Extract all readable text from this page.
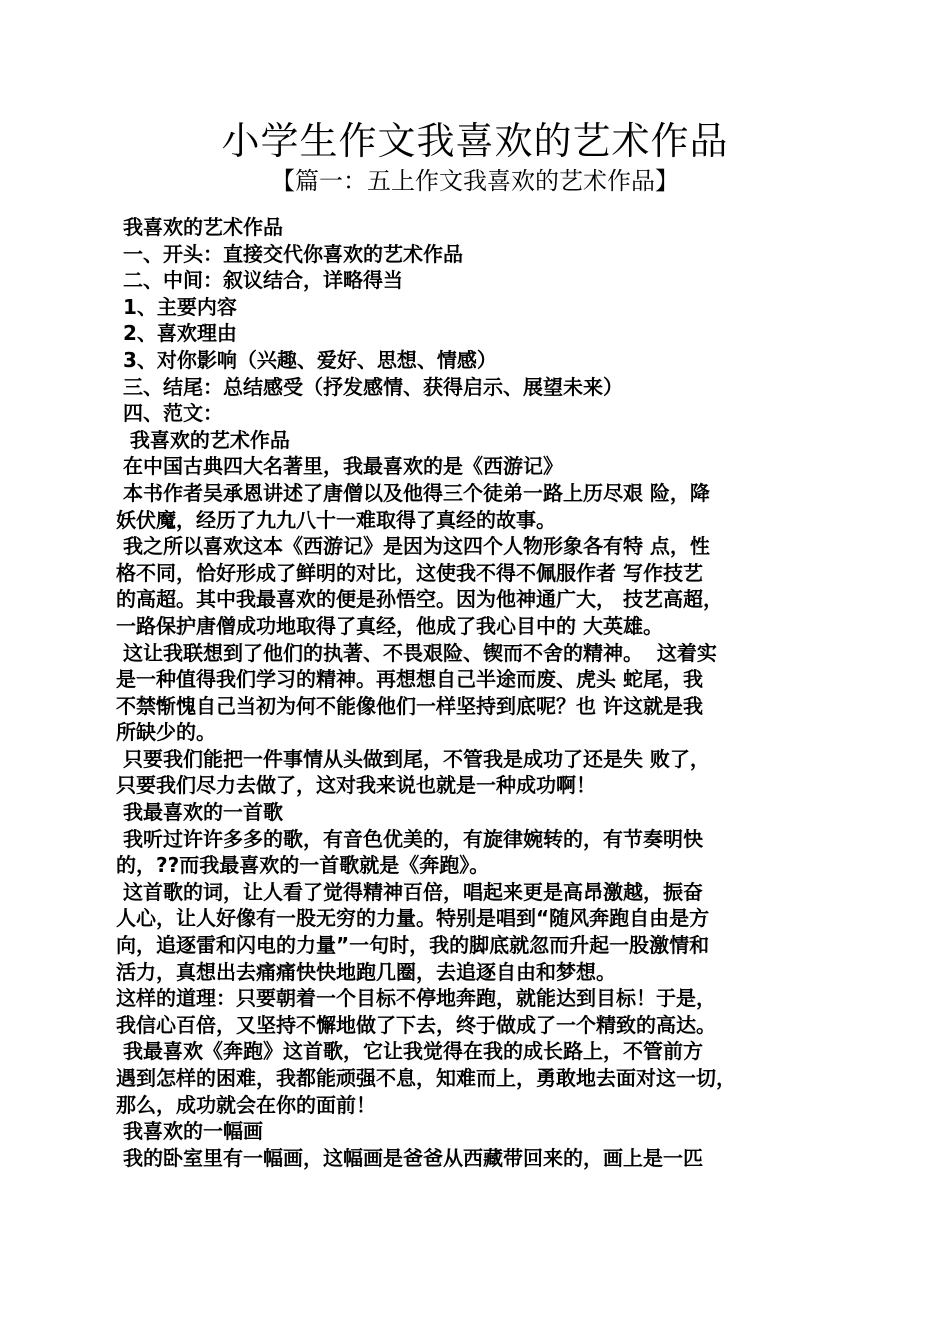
小学生作文我喜欢的艺术作品
【篇一：五上作文我喜欢的艺术作品】
我喜欢的艺术作品
一、开头：直接交代你喜欢的艺术作品
二、中间：叙议结合，详略得当
1、主要内容
2、喜欢理由
3、对你影响（兴趣、爱好、思想、情感）
三、结尾：总结感受（抒发感情、获得启示、展望未来）
四、范文：
我喜欢的艺术作品
在中国古典四大名著里，我最喜欢的是《西游记》
本书作者吴承恩讲述了唐僧以及他得三个徒弟一路上历尽艰 险，降
妖伏魔，经历了九九八十一难取得了真经的故事。
我之所以喜欢这本《西游记》是因为这四个人物形象各有特 点，性
格不同，恰好形成了鲜明的对比，这使我不得不佩服作者 写作技艺
的高超。其中我最喜欢的便是孙悟空。因为他神通广大， 技艺高超，
一路保护唐僧成功地取得了真经，他成了我心目中的 大英雄。
这让我联想到了他们的执著、不畏艰险、锲而不舍的精神。  这着实
是一种值得我们学习的精神。再想想自己半途而废、虎头 蛇尾，我
不禁惭愧自己当初为何不能像他们一样坚持到底呢？也 许这就是我
所缺少的。
只要我们能把一件事情从头做到尾，不管我是成功了还是失 败了，
只要我们尽力去做了，这对我来说也就是一种成功啊！
我最喜欢的一首歌
我听过许许多多的歌，有音色优美的，有旋律婉转的，有节奏明快
的，??而我最喜欢的一首歌就是《奔跑》。
这首歌的词，让人看了觉得精神百倍，唱起来更是高昂激越，振奋
人心，让人好像有一股无穷的力量。特别是唱到“随风奔跑自由是方
向，追逐雷和闪电的力量”一句时，我的脚底就忽而升起一股激情和
活力，真想出去痛痛快快地跑几圈，去追逐自由和梦想。
这样的道理：只要朝着一个目标不停地奔跑，就能达到目标！于是，
我信心百倍，又坚持不懈地做了下去，终于做成了一个精致的高达。
我最喜欢《奔跑》这首歌，它让我觉得在我的成长路上，不管前方
遇到怎样的困难，我都能顽强不息，知难而上，勇敢地去面对这一切，
那么，成功就会在你的面前！
我喜欢的一幅画
我的卧室里有一幅画，这幅画是爸爸从西藏带回来的，画上是一匹
